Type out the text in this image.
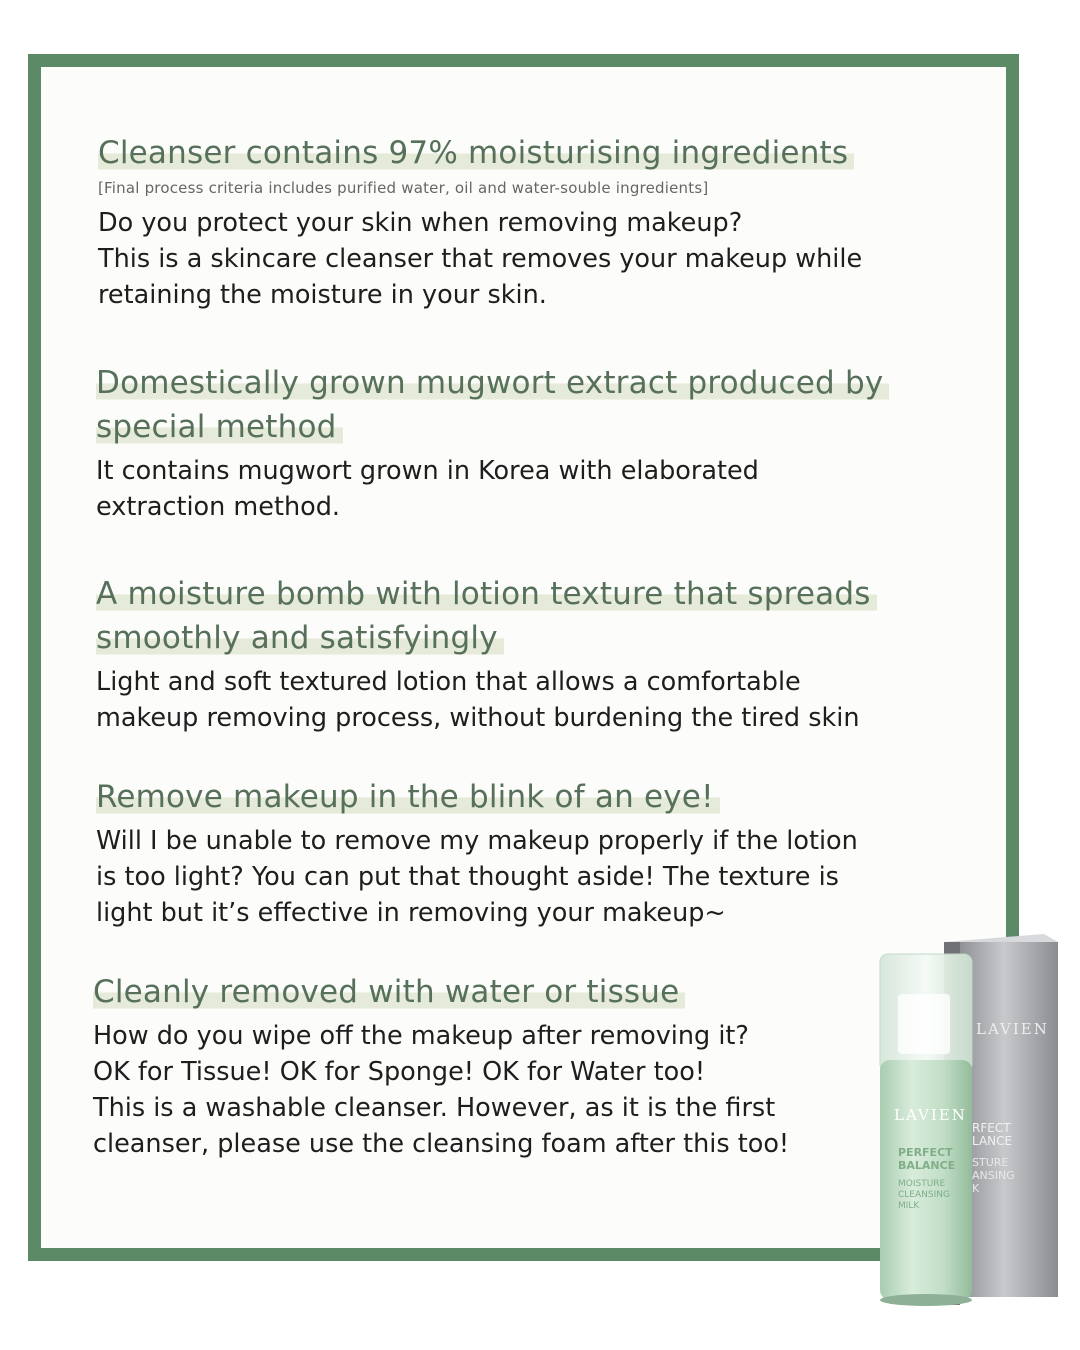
Cleanser contains 97% moisturising ingredients
[Final process criteria includes purified water, oil and water-souble ingredients]
Do you protect your skin when removing makeup?
This is a skincare cleanser that removes your makeup while
retaining the moisture in your skin.
Domestically grown mugwort extract produced by
special method
It contains mugwort grown in Korea with elaborated
extraction method.
A moisture bomb with lotion texture that spreads
smoothly and satisfyingly
Light and soft textured lotion that allows a comfortable
makeup removing process, without burdening the tired skin
Remove makeup in the blink of an eye!
Will I be unable to remove my makeup properly if the lotion
is too light? You can put that thought aside! The texture is
light but it’s effective in removing your makeup~
Cleanly removed with water or tissue
How do you wipe off the makeup after removing it?
OK for Tissue! OK for Sponge! OK for Water too!
This is a washable cleanser. However, as it is the first
cleanser, please use the cleansing foam after this too!
LAVIEN
RFECT
LANCE
STURE
ANSING
K
LAVIEN
PERFECT
BALANCE
MOISTURE
CLEANSING
MILK
